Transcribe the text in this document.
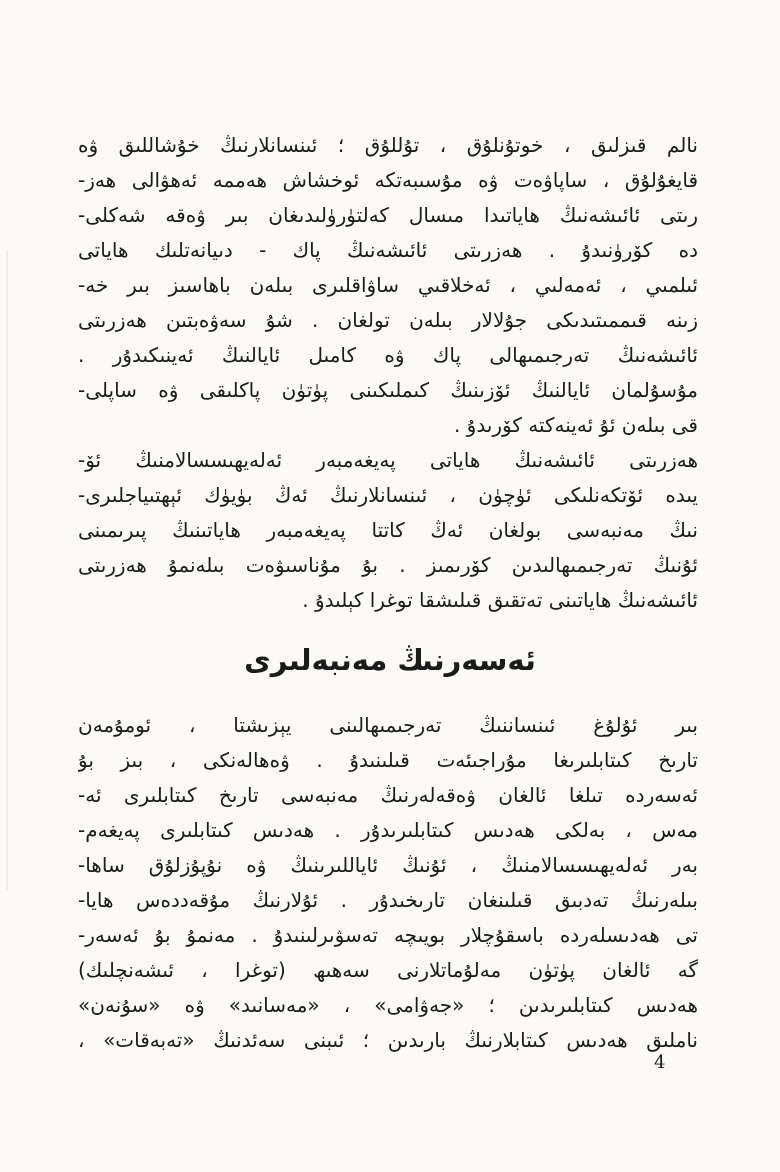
نالم قىزلىق ، خوتۇنلۇق ، تۇللۇق ؛ ئىنسانلارنىڭ خۇشاللىق ۋە
قايغۇلۇق ، ساپاۋەت ۋە مۇسىبەتكە ئوخشاش ھەممە ئەھۋالى ھەز-
رىتى ئائىشەنىڭ ھاياتىدا مىسال كەلتۈرۈلىدىغان بىر ۋەقە شەكلى-
دە كۆرۈنىدۇ . ھەزرىتى ئائىشەنىڭ پاك - دىيانەتلىك ھاياتى
ئىلمىي ، ئەمەلىي ، ئەخلاقىي ساۋاقلىرى بىلەن باھاسىز بىر خە-
زىنە قىممىتىدىكى جۇلالار بىلەن تولغان . شۇ سەۋەبتىن ھەزرىتى
ئائىشەنىڭ تەرجىمىھالى پاك ۋە كامىل ئايالنىڭ ئەينىكىدۇر .
مۇسۇلمان ئايالنىڭ ئۆزىنىڭ كىملىكىنى پۈتۈن پاكلىقى ۋە ساپلى-
قى بىلەن ئۇ ئەينەكتە كۆرىدۇ .
ھەزرىتى ئائىشەنىڭ ھاياتى پەيغەمبەر ئەلەيھىسسالامنىڭ ئۆ-
يىدە ئۆتكەنلىكى ئۈچۈن ، ئىنسانلارنىڭ ئەڭ بۈيۈك ئېھتىياجلىرى-
نىڭ مەنبەسى بولغان ئەڭ كاتتا پەيغەمبەر ھاياتىنىڭ پىرىمىنى
ئۇنىڭ تەرجىمىھالىدىن كۆرىمىز . بۇ مۇناسىۋەت بىلەنمۇ ھەزرىتى
ئائىشەنىڭ ھاياتىنى تەتقىق قىلىشقا توغرا كېلىدۇ .
ئەسەرنىڭ مەنبەلىرى
بىر ئۇلۇغ ئىنساننىڭ تەرجىمىھالىنى يېزىشتا ، ئومۇمەن
تارىخ كىتابلىرىغا مۇراجىئەت قىلىنىدۇ . ۋەھالەنكى ، بىز بۇ
ئەسەردە تىلغا ئالغان ۋەقەلەرنىڭ مەنبەسى تارىخ كىتابلىرى ئە-
مەس ، بەلكى ھەدىس كىتابلىرىدۇر . ھەدىس كىتابلىرى پەيغەم-
بەر ئەلەيھىسسالامنىڭ ، ئۇنىڭ ئاياللىرىنىڭ ۋە نۇپۇزلۇق ساھا-
بىلەرنىڭ تەدبىق قىلىنغان تارىخىدۇر . ئۇلارنىڭ مۇقەددەس ھايا-
تى ھەدىسلەردە باسقۇچلار بويىچە تەسۋىرلىنىدۇ . مەنمۇ بۇ ئەسەر-
گە ئالغان پۈتۈن مەلۇماتلارنى سەھىھ (توغرا ، ئىشەنچلىك)
ھەدىس كىتابلىرىدىن ؛ «جەۋامى» ، «مەسانىد» ۋە «سۇنەن»
ناملىق ھەدىس كىتابلارنىڭ بارىدىن ؛ ئىبنى سەئدنىڭ «تەبەقات» ،
4
